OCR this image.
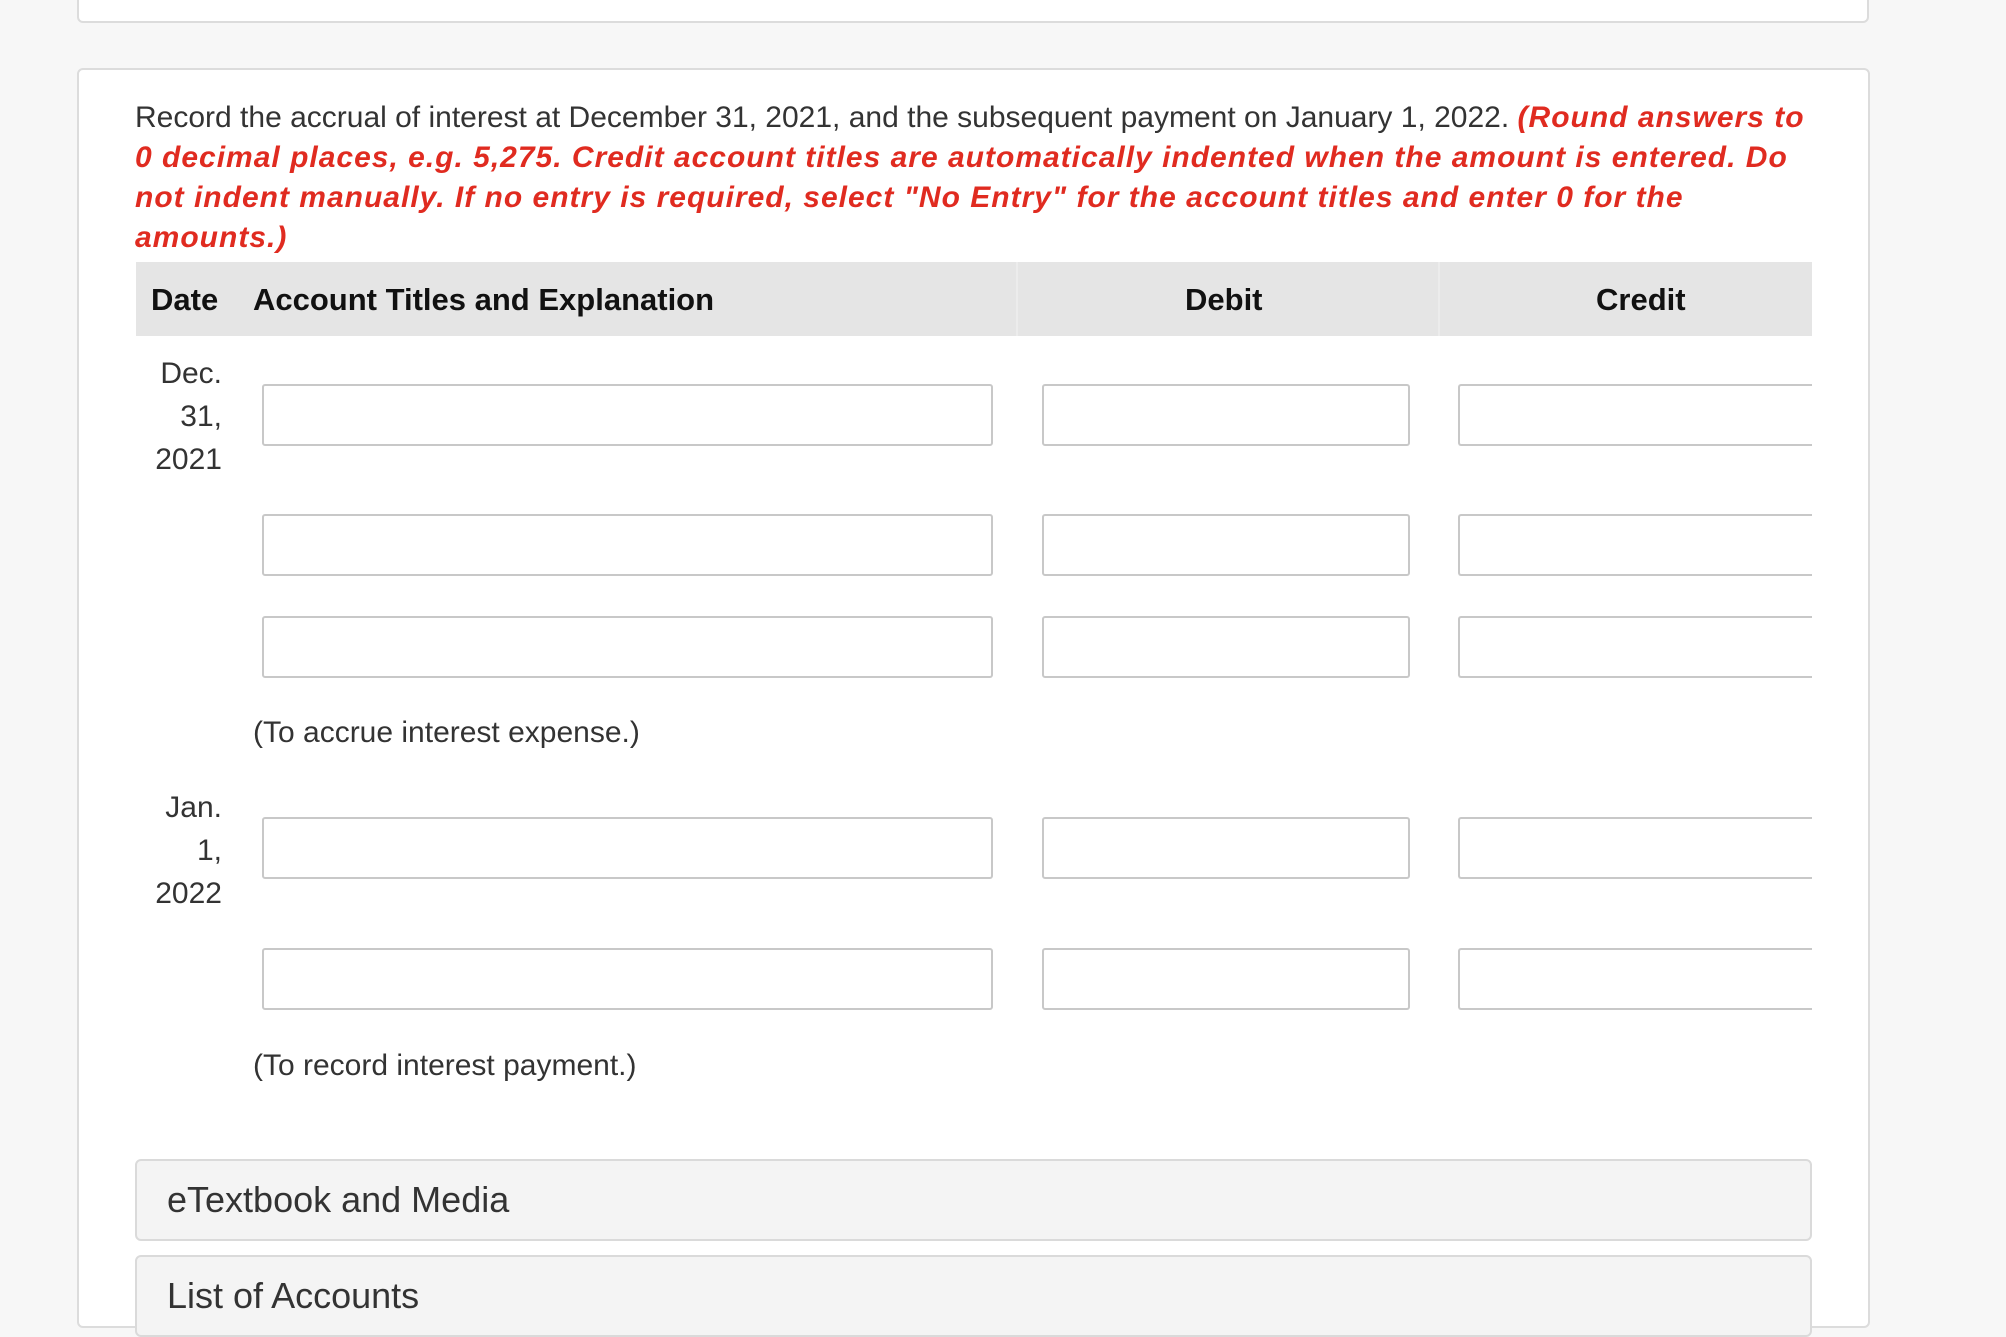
Record the accrual of interest at December 31, 2021, and the subsequent payment on January 1, 2022. (Round answers to 0 decimal places, e.g. 5,275. Credit account titles are automatically indented when the amount is entered. Do not indent manually. If no entry is required, select "No Entry" for the account titles and enter 0 for the amounts.)
Date Account Titles and Explanation	Debit	Credit
Dec.
31,
2021
(To accrue interest expense.)
Jan.
1,
2022
(To record interest payment.)
eTextbook and Media
List of Accounts
